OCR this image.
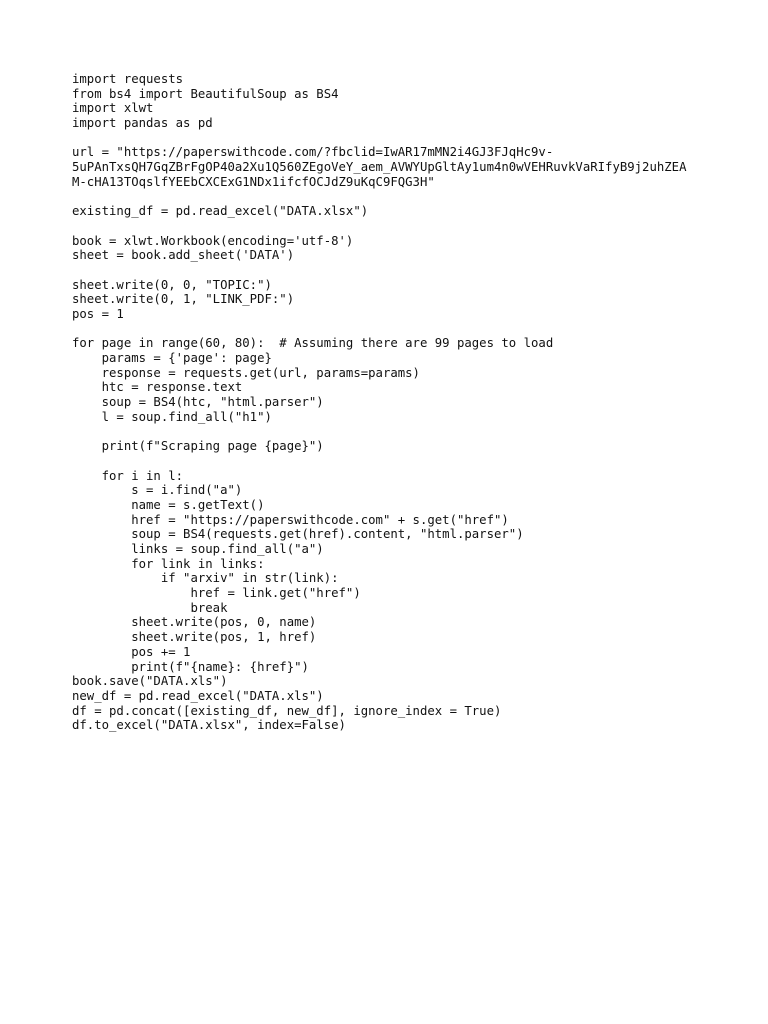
import requests
from bs4 import BeautifulSoup as BS4
import xlwt
import pandas as pd
url = "https://paperswithcode.com/?fbclid=IwAR17mMN2i4GJ3FJqHc9v-
5uPAnTxsQH7GqZBrFgOP40a2Xu1Q560ZEgoVeY_aem_AVWYUpGltAy1um4n0wVEHRuvkVaRIfyB9j2uhZEA
M-cHA13TOqslfYEEbCXCExG1NDx1ifcfOCJdZ9uKqC9FQG3H"
existing_df = pd.read_excel("DATA.xlsx")
book = xlwt.Workbook(encoding='utf-8')
sheet = book.add_sheet('DATA')
sheet.write(0, 0, "TOPIC:")
sheet.write(0, 1, "LINK_PDF:")
pos = 1
for page in range(60, 80):  # Assuming there are 99 pages to load
params = {'page': page}
response = requests.get(url, params=params)
htc = response.text
soup = BS4(htc, "html.parser")
l = soup.find_all("h1")
print(f"Scraping page {page}")
for i in l:
s = i.find("a")
name = s.getText()
href = "https://paperswithcode.com" + s.get("href")
soup = BS4(requests.get(href).content, "html.parser")
links = soup.find_all("a")
for link in links:
if "arxiv" in str(link):
href = link.get("href")
break
sheet.write(pos, 0, name)
sheet.write(pos, 1, href)
pos += 1
print(f"{name}: {href}")
book.save("DATA.xls")
new_df = pd.read_excel("DATA.xls")
df = pd.concat([existing_df, new_df], ignore_index = True)
df.to_excel("DATA.xlsx", index=False)
